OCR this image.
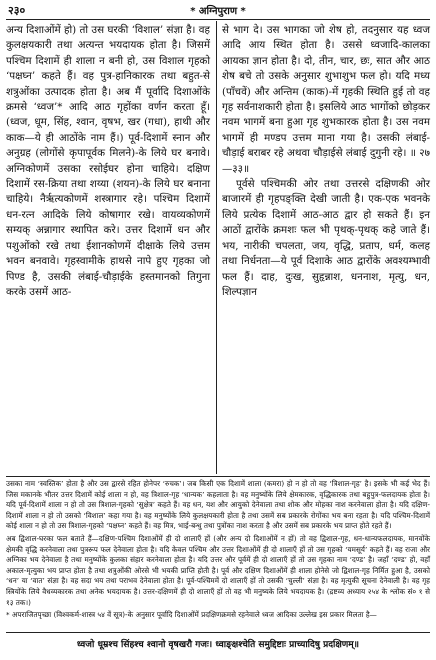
२३०	* अग्निपुराण *

अन्य दिशाओंमें हो) तो उस घरकी ‘विशाल’ संज्ञा है। वह कुलक्षयकारी तथा अत्यन्त भयदायक होता है। जिसमें पश्चिम दिशामें ही शाला न बनी हो, उस विशाल गृहको ‘पक्षघ्न’ कहते हैं। वह पुत्र-हानिकारक तथा बहुत-से शत्रुओंका उत्पादक होता है। अब मैं पूर्वादि दिशाओंके क्रमसे ‘ध्वज’* आदि आठ गृहोंका वर्णन करता हूँ। (ध्वज, धूम, सिंह, श्वान, वृषभ, खर (गधा), हाथी और काक—ये ही आठोंके नाम हैं।) पूर्व-दिशामें स्नान और अनुग्रह (लोगोंसे कृपापूर्वक मिलने)-के लिये घर बनावे। अग्निकोणमें उसका रसोईघर होना चाहिये। दक्षिण दिशामें रस-क्रिया तथा शय्या (शयन)-के लिये घर बनाना चाहिये। नैर्ऋत्यकोणमें शस्त्रागार रहे। पश्चिम दिशामें धन-रत्न आदिके लिये कोषागार रखे। वायव्यकोणमें सम्यक् अन्नागार स्थापित करे। उत्तर दिशामें धन और पशुओंको रखे तथा ईशानकोणमें दीक्षाके लिये उत्तम भवन बनवावे। गृहस्वामीके हाथसे नापे हुए गृहका जो पिण्ड है, उसकी लंबाई-चौड़ाईके हस्तमानको तिगुना करके उसमें आठ-

से भाग दे। उस भागका जो शेष हो, तदनुसार यह ध्वज आदि आय स्थित होता है। उससे ध्वजादि-कालका आयका ज्ञान होता है। दो, तीन, चार, छः, सात और आठ शेष बचे तो उसके अनुसार शुभाशुभ फल हो। यदि मध्य (पाँचवें) और अन्तिम (काक)-में गृहकी स्थिति हुई तो वह गृह सर्वनाशकारी होता है। इसलिये आठ भागोंको छोड़कर नवम भागमें बना हुआ गृह शुभकारक होता है। उस नवम भागमें ही मण्डप उत्तम माना गया है। उसकी लंबाई-चौड़ाई बराबर रहे अथवा चौड़ाईसे लंबाई दुगुनी रहे। ॥ २७—३३॥

पूर्वसे पश्चिमकी ओर तथा उत्तरसे दक्षिणकी ओर बाजारमें ही गृहपङ्क्ति देखी जाती है। एक-एक भवनके लिये प्रत्येक दिशामें आठ-आठ द्वार हो सकते हैं। इन आठों द्वारोंके क्रमशः फल भी पृथक्-पृथक् कहे जाते हैं। भय, नारीकी चपलता, जय, वृद्धि, प्रताप, धर्म, कलह तथा निर्धनता—ये पूर्व दिशाके आठ द्वारोंके अवश्यम्भावी फल हैं। दाह, दुःख, सुहृन्नाश, धननाश, मृत्यु, धन, शिल्पज्ञान

उसका नाम ‘स्वस्तिक’ होता है और उस द्वारसे रहित होनेपर ‘रुचक’। जब किसी एक दिशामें शाला (कमरा) हो न हो तो वह ‘त्रिशाल-गृह’ है। इसके भी कई भेद हैं। जिस मकानके भीतर उत्तर दिशामें कोई शाला न हो, वह त्रिशाल-गृह ‘धान्यक’ कहलाता है। वह मनुष्योंके लिये क्षेमकारक, वृद्धिकारक तथा बहुपुत्र-फलदायक होता है। यदि पूर्व-दिशामें शाला न हो तो उस त्रिशाल-गृहको ‘सुक्षेत्र’ कहते हैं। वह धन, यश और आयुको देनेवाला तथा शोक और मोहका नाश करनेवाला होता है। यदि दक्षिण-दिशामें शाला न हो तो उसको ‘विशाल’ कहा गया है। वह मनुष्योंके लिये कुलक्षयकारी होता है तथा उसमें सब प्रकारके रोगोंका भय बना रहता है। यदि पश्चिम-दिशामें कोई शाला न हो तो उस त्रिशाल-गृहको ‘पक्षघ्न’ कहते हैं। वह मित्र, भाई-बन्धु तथा पुत्रोंका नाश करता है और उसमें सब प्रकारके भय प्राप्त होते रहते हैं।

अब द्विशाल-घरका फल बताते हैं—दक्षिण-पश्चिम दिशाओंमें ही दो शालाएँ हों (और अन्य दो दिशाओंमें न हों) तो वह द्विशाल-गृह, धन-धान्यफलदायक, मानवोंके क्षेमकी वृद्धि करनेवाला तथा पुत्ररूप फल देनेवाला होता है। यदि केवल पश्चिम और उत्तर दिशाओंमें ही दो शालाएँ हों तो उस गृहको ‘यमसूर्य’ कहते हैं। वह राजा और अग्निका भय देनेवाला है तथा मनुष्योंके कुलका संहार करनेवाला होता है। यदि उत्तर और पूर्वमें ही दो शालाएँ हों तो उस गृहका नाम ‘दण्ड’ है। जहाँ ‘दण्ड’ हो, वहाँ अकाल-मृत्युका भय प्राप्त होता है तथा शत्रुओंकी ओरसे भी भयकी प्राप्ति होती है। पूर्व और दक्षिण दिशाओंमें ही शाला होनेसे जो द्विशाल-गृह निर्मित हुआ है, उसको ‘धन’ या ‘वात’ संज्ञा है। वह सदा भय तथा पराभव देनेवाला होता है। पूर्व-पश्चिममें दो शालाएँ हों तो उसकी ‘चुल्ली’ संज्ञा है। वह मृत्युकी सूचना देनेवाली है। वह गृह स्त्रियोंके लिये वैधव्यकारक तथा अनेक भयदायक है। उत्तर-दक्षिणमें ही दो शालाएँ हों तो वह भी मनुष्यके लिये भयदायक है। (द्रष्टव्य अध्याय २५४ के श्लोक सं० १ से १३ तक।)

* अपराजितपृच्छा (विश्वकर्म-शास्त्र ५४ वें सूत्र)-के अनुसार पूर्वादि दिशाओंमें प्रदक्षिणक्रमसे रहनेवाले ध्वज आदिका उल्लेख इस प्रकार मिलता है—

ध्वजो धूम्रश्च सिंहश्च श्वानो वृषखरौ गजः। ध्वाङ्क्षश्चेति समुद्दिष्टाः प्राच्यादिषु प्रदक्षिणम्॥
